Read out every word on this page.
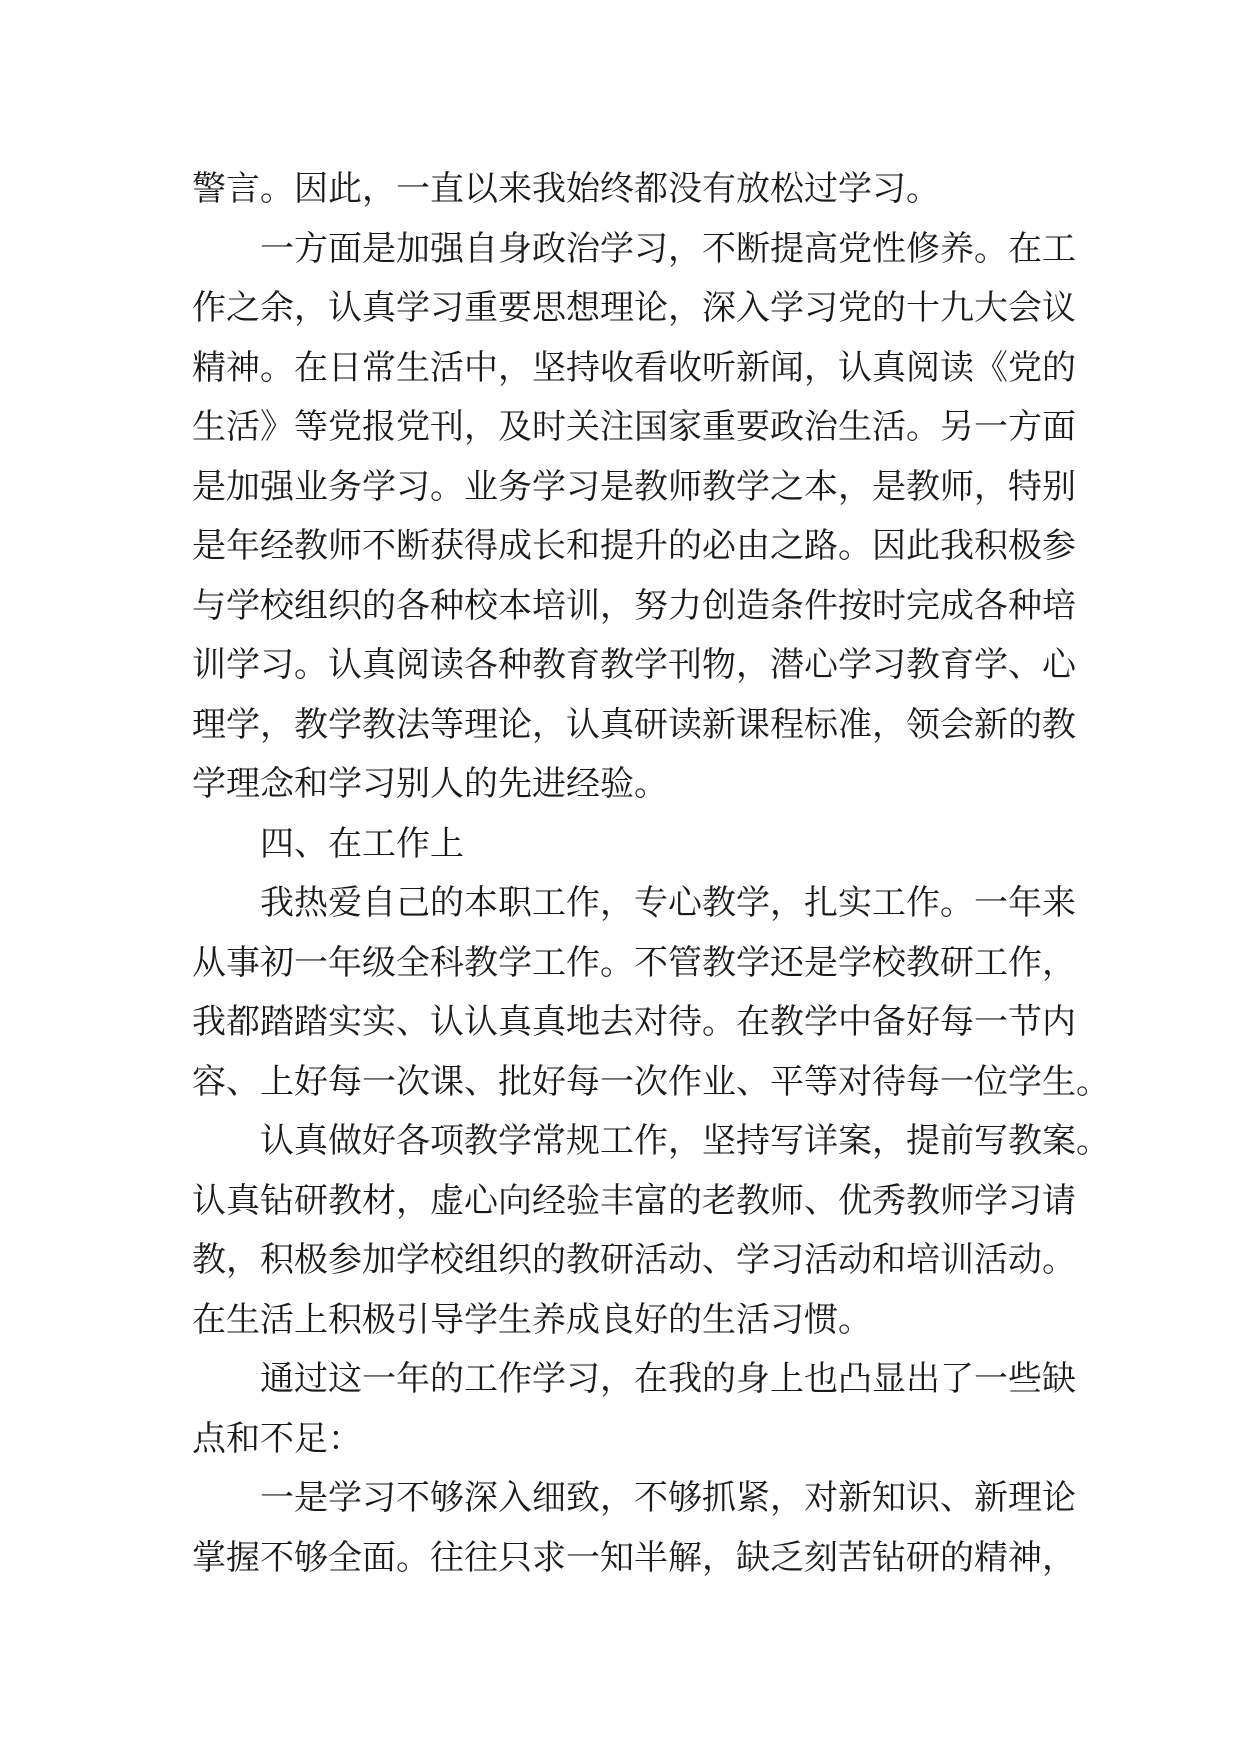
警言。因此，一直以来我始终都没有放松过学习。
一方面是加强自身政治学习，不断提高党性修养。在工
作之余，认真学习重要思想理论，深入学习党的十九大会议
精神。在日常生活中，坚持收看收听新闻，认真阅读《党的
生活》等党报党刊，及时关注国家重要政治生活。另一方面
是加强业务学习。业务学习是教师教学之本，是教师，特别
是年经教师不断获得成长和提升的必由之路。因此我积极参
与学校组织的各种校本培训，努力创造条件按时完成各种培
训学习。认真阅读各种教育教学刊物，潜心学习教育学、心
理学，教学教法等理论，认真研读新课程标准，领会新的教
学理念和学习别人的先进经验。
四、在工作上
我热爱自己的本职工作，专心教学，扎实工作。一年来
从事初一年级全科教学工作。不管教学还是学校教研工作，
我都踏踏实实、认认真真地去对待。在教学中备好每一节内
容、上好每一次课、批好每一次作业、平等对待每一位学生。
认真做好各项教学常规工作，坚持写详案，提前写教案。
认真钻研教材，虚心向经验丰富的老教师、优秀教师学习请
教，积极参加学校组织的教研活动、学习活动和培训活动。
在生活上积极引导学生养成良好的生活习惯。
通过这一年的工作学习，在我的身上也凸显出了一些缺
点和不足：
一是学习不够深入细致，不够抓紧，对新知识、新理论
掌握不够全面。往往只求一知半解，缺乏刻苦钻研的精神，
